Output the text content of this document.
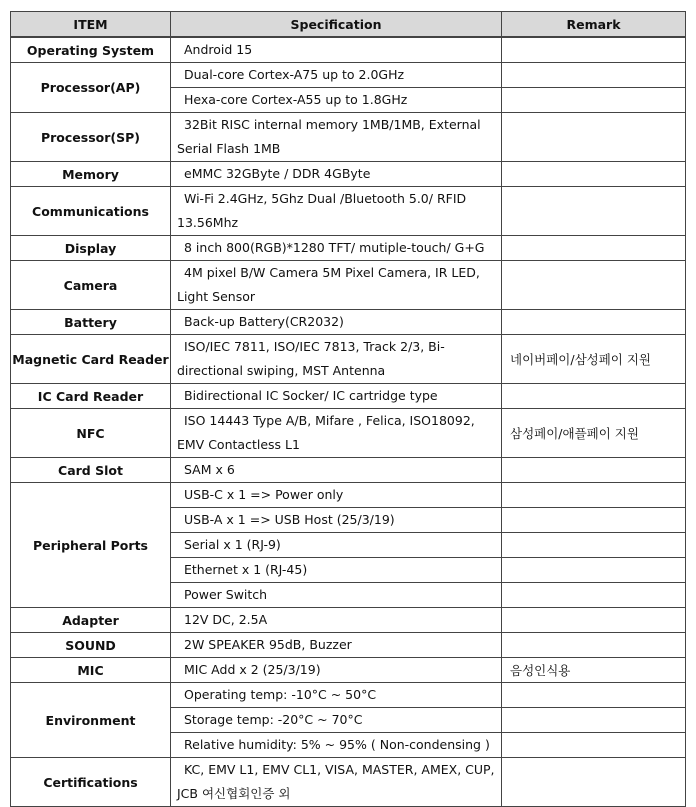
ITEM	Specification	Remark
Operating System	Android 15	

Processor(AP)	Dual-core Cortex-A75 up to 2.0GHz	

	Hexa-core Cortex-A55 up to 1.8GHz	

Processor(SP)	32Bit RISC internal memory 1MB/1MB, External
Serial Flash 1MB	

Memory	eMMC 32GByte / DDR 4GByte	

Communications	Wi-Fi 2.4GHz, 5Ghz Dual /Bluetooth 5.0/ RFID
13.56Mhz	

Display	8 inch 800(RGB)*1280 TFT/ mutiple-touch/ G+G	

Camera	4M pixel B/W Camera 5M Pixel Camera, IR LED,
Light Sensor	

Battery	Back-up Battery(CR2032)	

Magnetic Card Reader	ISO/IEC 7811, ISO/IEC 7813, Track 2/3, Bi-
directional swiping, MST Antenna	네이버페이/삼성페이 지원
IC Card Reader	Bidirectional IC Socker/ IC cartridge type	

NFC	ISO 14443 Type A/B, Mifare , Felica, ISO18092,
EMV Contactless L1	삼성페이/애플페이 지원
Card Slot	SAM x 6	

Peripheral Ports	USB-C x 1 => Power only	

	USB-A x 1 => USB Host (25/3/19)	

	Serial x 1 (RJ-9)	

	Ethernet x 1 (RJ-45)	

	Power Switch	

Adapter	12V DC, 2.5A	

SOUND	2W SPEAKER 95dB, Buzzer	

MIC	MIC Add x 2 (25/3/19)	음성인식용
Environment	Operating temp: -10°C ~ 50°C	

	Storage temp: -20°C ~ 70°C	

	Relative humidity: 5% ~ 95% ( Non-condensing )	

Certifications	KC, EMV L1, EMV CL1, VISA, MASTER, AMEX, CUP,
JCB 여신협회인증 외	
